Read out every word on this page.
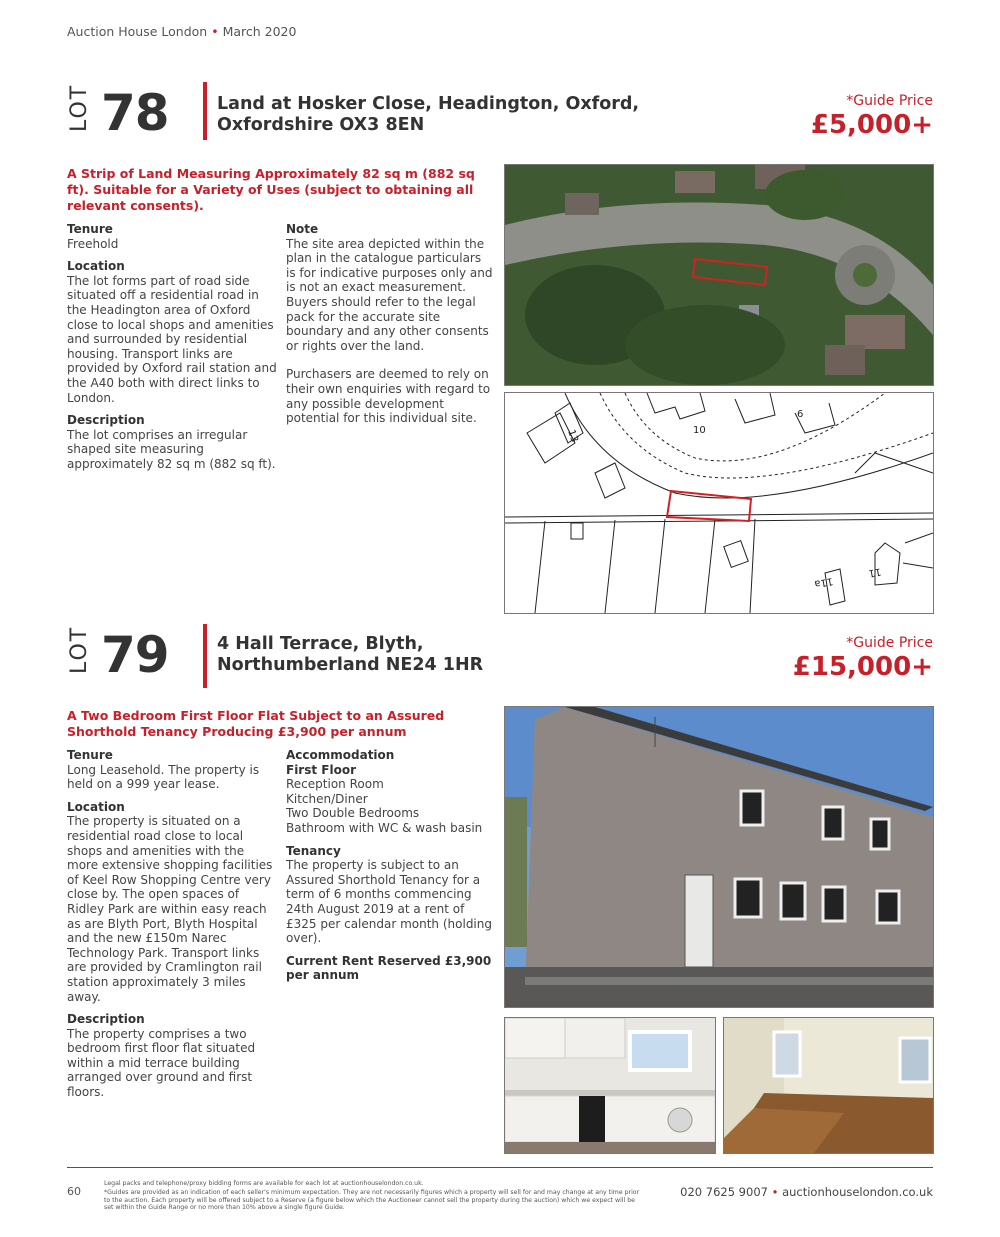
Auction House London • March 2020
LOT 78	Land at Hosker Close, Headington, Oxford,
Oxfordshire OX3 8EN
*Guide Price
£5,000+
A Strip of Land Measuring Approximately 82 sq m (882 sq ft). Suitable for a Variety of Uses (subject to obtaining all relevant consents).
Tenure

Freehold

Location

The lot forms part of road side situated off a residential road in the Headington area of Oxford close to local shops and amenities and surrounded by residential housing. Transport links are provided by Oxford rail station and the A40 both with direct links to London.

Description

The lot comprises an irregular shaped site measuring approximately 82 sq m (882 sq ft).

Note

The site area depicted within the plan in the catalogue particulars is for indicative purposes only and is not an exact measurement. Buyers should refer to the legal pack for the accurate site boundary and any other consents or rights over the land.

Purchasers are deemed to rely on their own enquiries with regard to any possible development potential for this individual site.

13	10
6
11
11a
LOT 79	4 Hall Terrace, Blyth,
Northumberland NE24 1HR
*Guide Price
£15,000+
A Two Bedroom First Floor Flat Subject to an Assured Shorthold Tenancy Producing £3,900 per annum
Tenure

Long Leasehold. The property is held on a 999 year lease.

Location

The property is situated on a residential road close to local shops and amenities with the more extensive shopping facilities of Keel Row Shopping Centre very close by. The open spaces of Ridley Park are within easy reach as are Blyth Port, Blyth Hospital and the new £150m Narec Technology Park. Transport links are provided by Cramlington rail station approximately 3 miles away.

Description

The property comprises a two bedroom first floor flat situated within a mid terrace building arranged over ground and first floors.

Accommodation
First Floor
Reception Room
Kitchen/Diner
Two Double Bedrooms
Bathroom with WC & wash basin
Tenancy

The property is subject to an Assured Shorthold Tenancy for a term of 6 months commencing 24th August 2019 at a rent of £325 per calendar month (holding over).

Current Rent Reserved £3,900 per annum
60
Legal packs and telephone/proxy bidding forms are available for each lot at auctionhouselondon.co.uk.
*Guides are provided as an indication of each seller's minimum expectation. They are not necessarily figures which a property will sell for and may change at any time prior to the auction. Each property will be offered subject to a Reserve (a figure below which the Auctioneer cannot sell the property during the auction) which we expect will be set within the Guide Range or no more than 10% above a single figure Guide.
020 7625 9007 • auctionhouselondon.co.uk
